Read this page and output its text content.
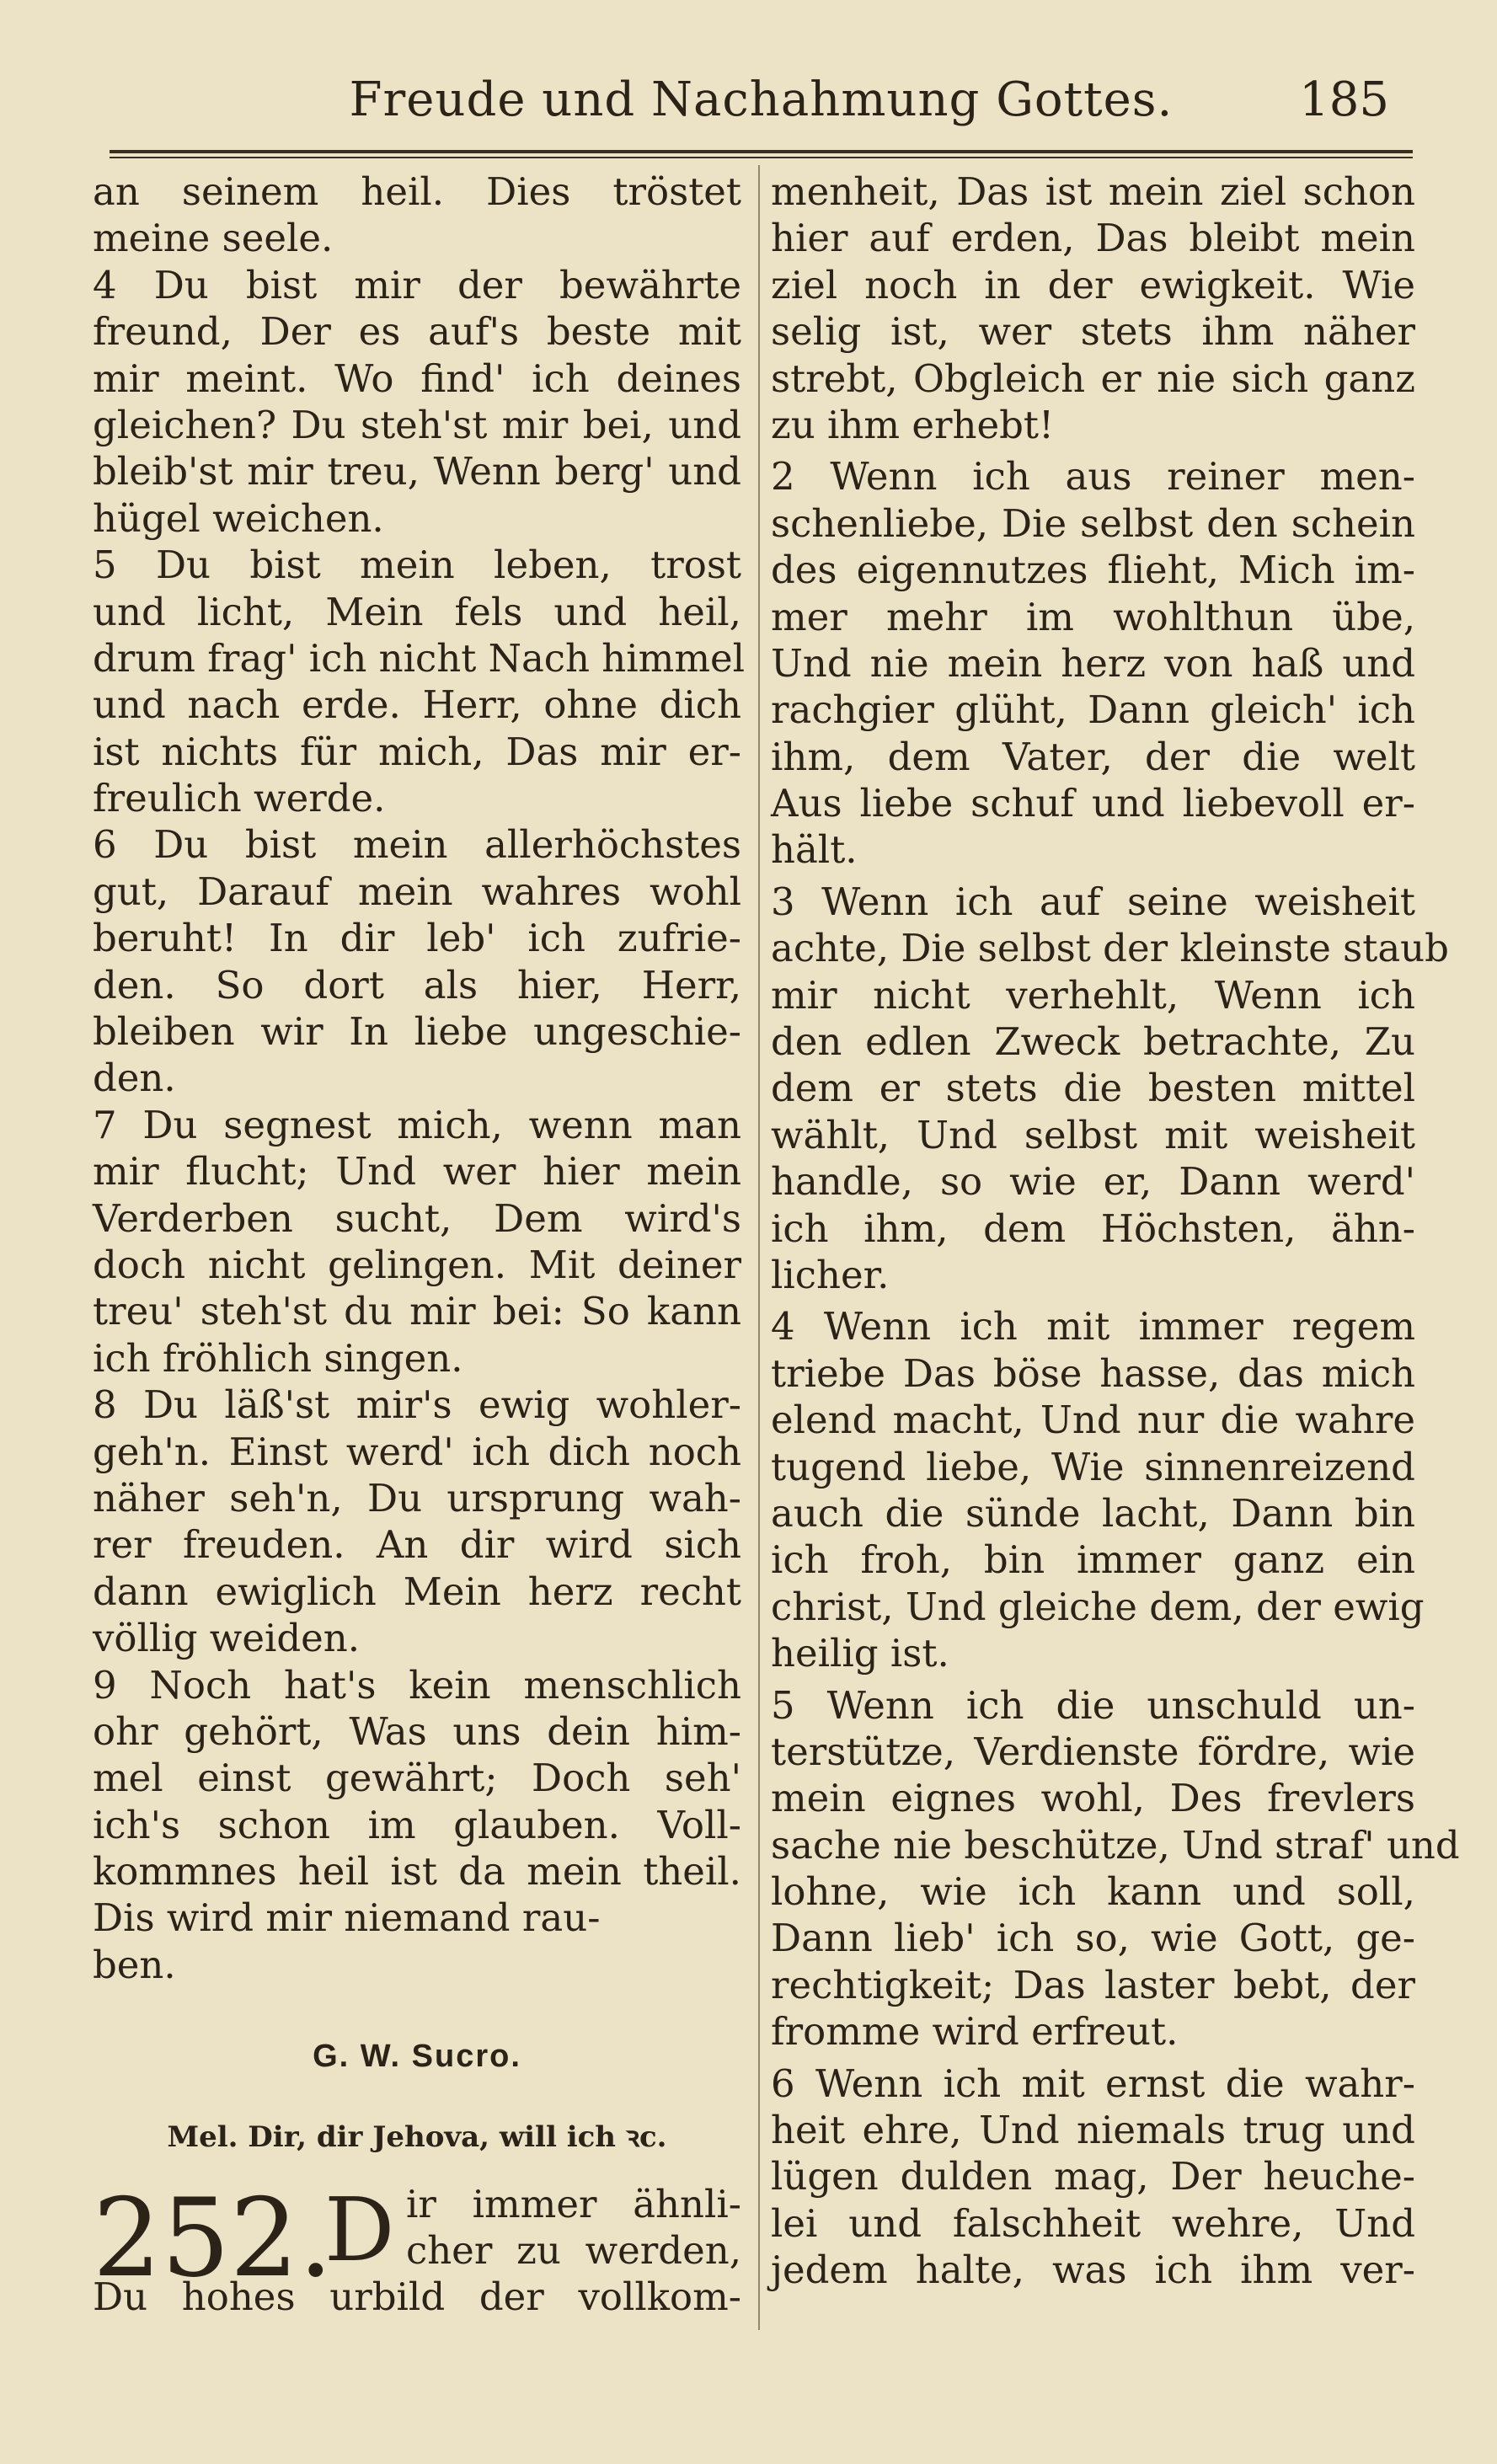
Freude und Nachahmung Gottes.	185
an seinem heil. Dies tröstet
meine seele.
4 Du bist mir der bewährte
freund, Der es auf's beste mit
mir meint. Wo find' ich deines
gleichen? Du steh'st mir bei, und
bleib'st mir treu, Wenn berg' und
hügel weichen.
5 Du bist mein leben, trost
und licht, Mein fels und heil,
drum frag' ich nicht Nach himmel
und nach erde. Herr, ohne dich
ist nichts für mich, Das mir er-
freulich werde.
6 Du bist mein allerhöchstes
gut, Darauf mein wahres wohl
beruht! In dir leb' ich zufrie-
den. So dort als hier, Herr,
bleiben wir In liebe ungeschie-
den.
7 Du segnest mich, wenn man
mir flucht; Und wer hier mein
Verderben sucht, Dem wird's
doch nicht gelingen. Mit deiner
treu' steh'st du mir bei: So kann
ich fröhlich singen.
8 Du läß'st mir's ewig wohler-
geh'n. Einst werd' ich dich noch
näher seh'n, Du ursprung wah-
rer freuden. An dir wird sich
dann ewiglich Mein herz recht
völlig weiden.
9 Noch hat's kein menschlich
ohr gehört, Was uns dein him-
mel einst gewährt; Doch seh'
ich's schon im glauben. Voll-
kommnes heil ist da mein theil.
Dis wird mir niemand rau-
ben.
G. W. Sucro.
Mel. Dir, dir Jehova, will ich ꝛc.
252.
D ir immer ähnli-
cher zu werden,
Du hohes urbild der vollkom-
menheit, Das ist mein ziel schon
hier auf erden, Das bleibt mein
ziel noch in der ewigkeit. Wie
selig ist, wer stets ihm näher
strebt, Obgleich er nie sich ganz
zu ihm erhebt!
2 Wenn ich aus reiner men-
schenliebe, Die selbst den schein
des eigennutzes flieht, Mich im-
mer mehr im wohlthun übe,
Und nie mein herz von haß und
rachgier glüht, Dann gleich' ich
ihm, dem Vater, der die welt
Aus liebe schuf und liebevoll er-
hält.
3 Wenn ich auf seine weisheit
achte, Die selbst der kleinste staub
mir nicht verhehlt, Wenn ich
den edlen Zweck betrachte, Zu
dem er stets die besten mittel
wählt, Und selbst mit weisheit
handle, so wie er, Dann werd'
ich ihm, dem Höchsten, ähn-
licher.
4 Wenn ich mit immer regem
triebe Das böse hasse, das mich
elend macht, Und nur die wahre
tugend liebe, Wie sinnenreizend
auch die sünde lacht, Dann bin
ich froh, bin immer ganz ein
christ, Und gleiche dem, der ewig
heilig ist.
5 Wenn ich die unschuld un-
terstütze, Verdienste fördre, wie
mein eignes wohl, Des frevlers
sache nie beschütze, Und straf' und
lohne, wie ich kann und soll,
Dann lieb' ich so, wie Gott, ge-
rechtigkeit; Das laster bebt, der
fromme wird erfreut.
6 Wenn ich mit ernst die wahr-
heit ehre, Und niemals trug und
lügen dulden mag, Der heuche-
lei und falschheit wehre, Und
jedem halte, was ich ihm ver-
